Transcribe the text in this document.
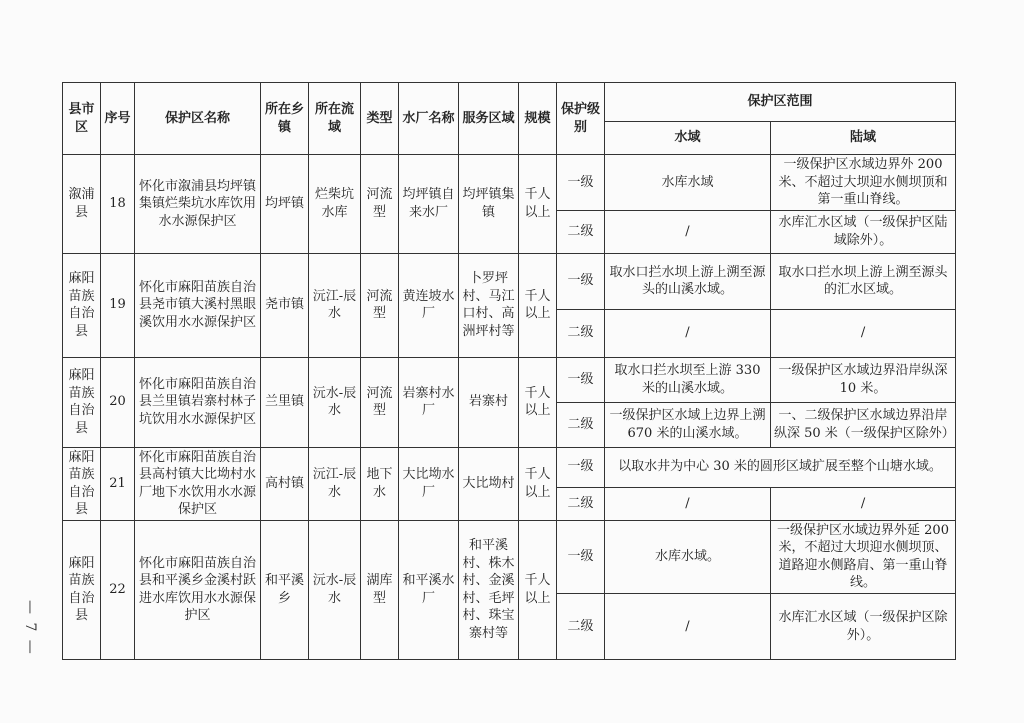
— 7 —
县市区	序号	保护区名称	所在乡镇	所在流域	类型	水厂名称	服务区域	规模	保护级别	保护区范围	
										水域	陆域
溆浦县	18	怀化市溆浦县均坪镇集镇烂柴坑水库饮用水水源保护区	均坪镇	烂柴坑水库	河流型	均坪镇自来水厂	均坪镇集镇	千人以上	一级	水库水域	一级保护区水域边界外 200 米、不超过大坝迎水侧坝顶和第一重山脊线。
									二级	/	水库汇水区域（一级保护区陆域除外）。
麻阳苗族自治县	19	怀化市麻阳苗族自治县尧市镇大溪村黑眼溪饮用水水源保护区	尧市镇	沅江-辰水	河流型	黄连坡水厂	卜罗坪村、马江口村、高洲坪村等	千人以上	一级	取水口拦水坝上游上溯至源头的山溪水域。	取水口拦水坝上游上溯至源头的汇水区域。
									二级	/	/
麻阳苗族自治县	20	怀化市麻阳苗族自治县兰里镇岩寨村林子坑饮用水水源保护区	兰里镇	沅水-辰水	河流型	岩寨村水厂	岩寨村	千人以上	一级	取水口拦水坝至上游 330 米的山溪水域。	一级保护区水域边界沿岸纵深 10 米。
									二级	一级保护区水域上边界上溯 670 米的山溪水域。	一、二级保护区水域边界沿岸纵深 50 米（一级保护区除外）
麻阳苗族自治县	21	怀化市麻阳苗族自治县高村镇大比坳村水厂地下水饮用水水源保护区	高村镇	沅江-辰水	地下水	大比坳水厂	大比坳村	千人以上	一级	以取水井为中心 30 米的圆形区域扩展至整个山塘水域。	
									二级	/	/
麻阳苗族自治县	22	怀化市麻阳苗族自治县和平溪乡金溪村跃进水库饮用水水源保护区	和平溪乡	沅水-辰水	湖库型	和平溪水厂	和平溪村、株木村、金溪村、毛坪村、珠宝寨村等	千人以上	一级	水库水域。	一级保护区水域边界外延 200 米，不超过大坝迎水侧坝顶、道路迎水侧路肩、第一重山脊线。
									二级	/	水库汇水区域（一级保护区除外）。
